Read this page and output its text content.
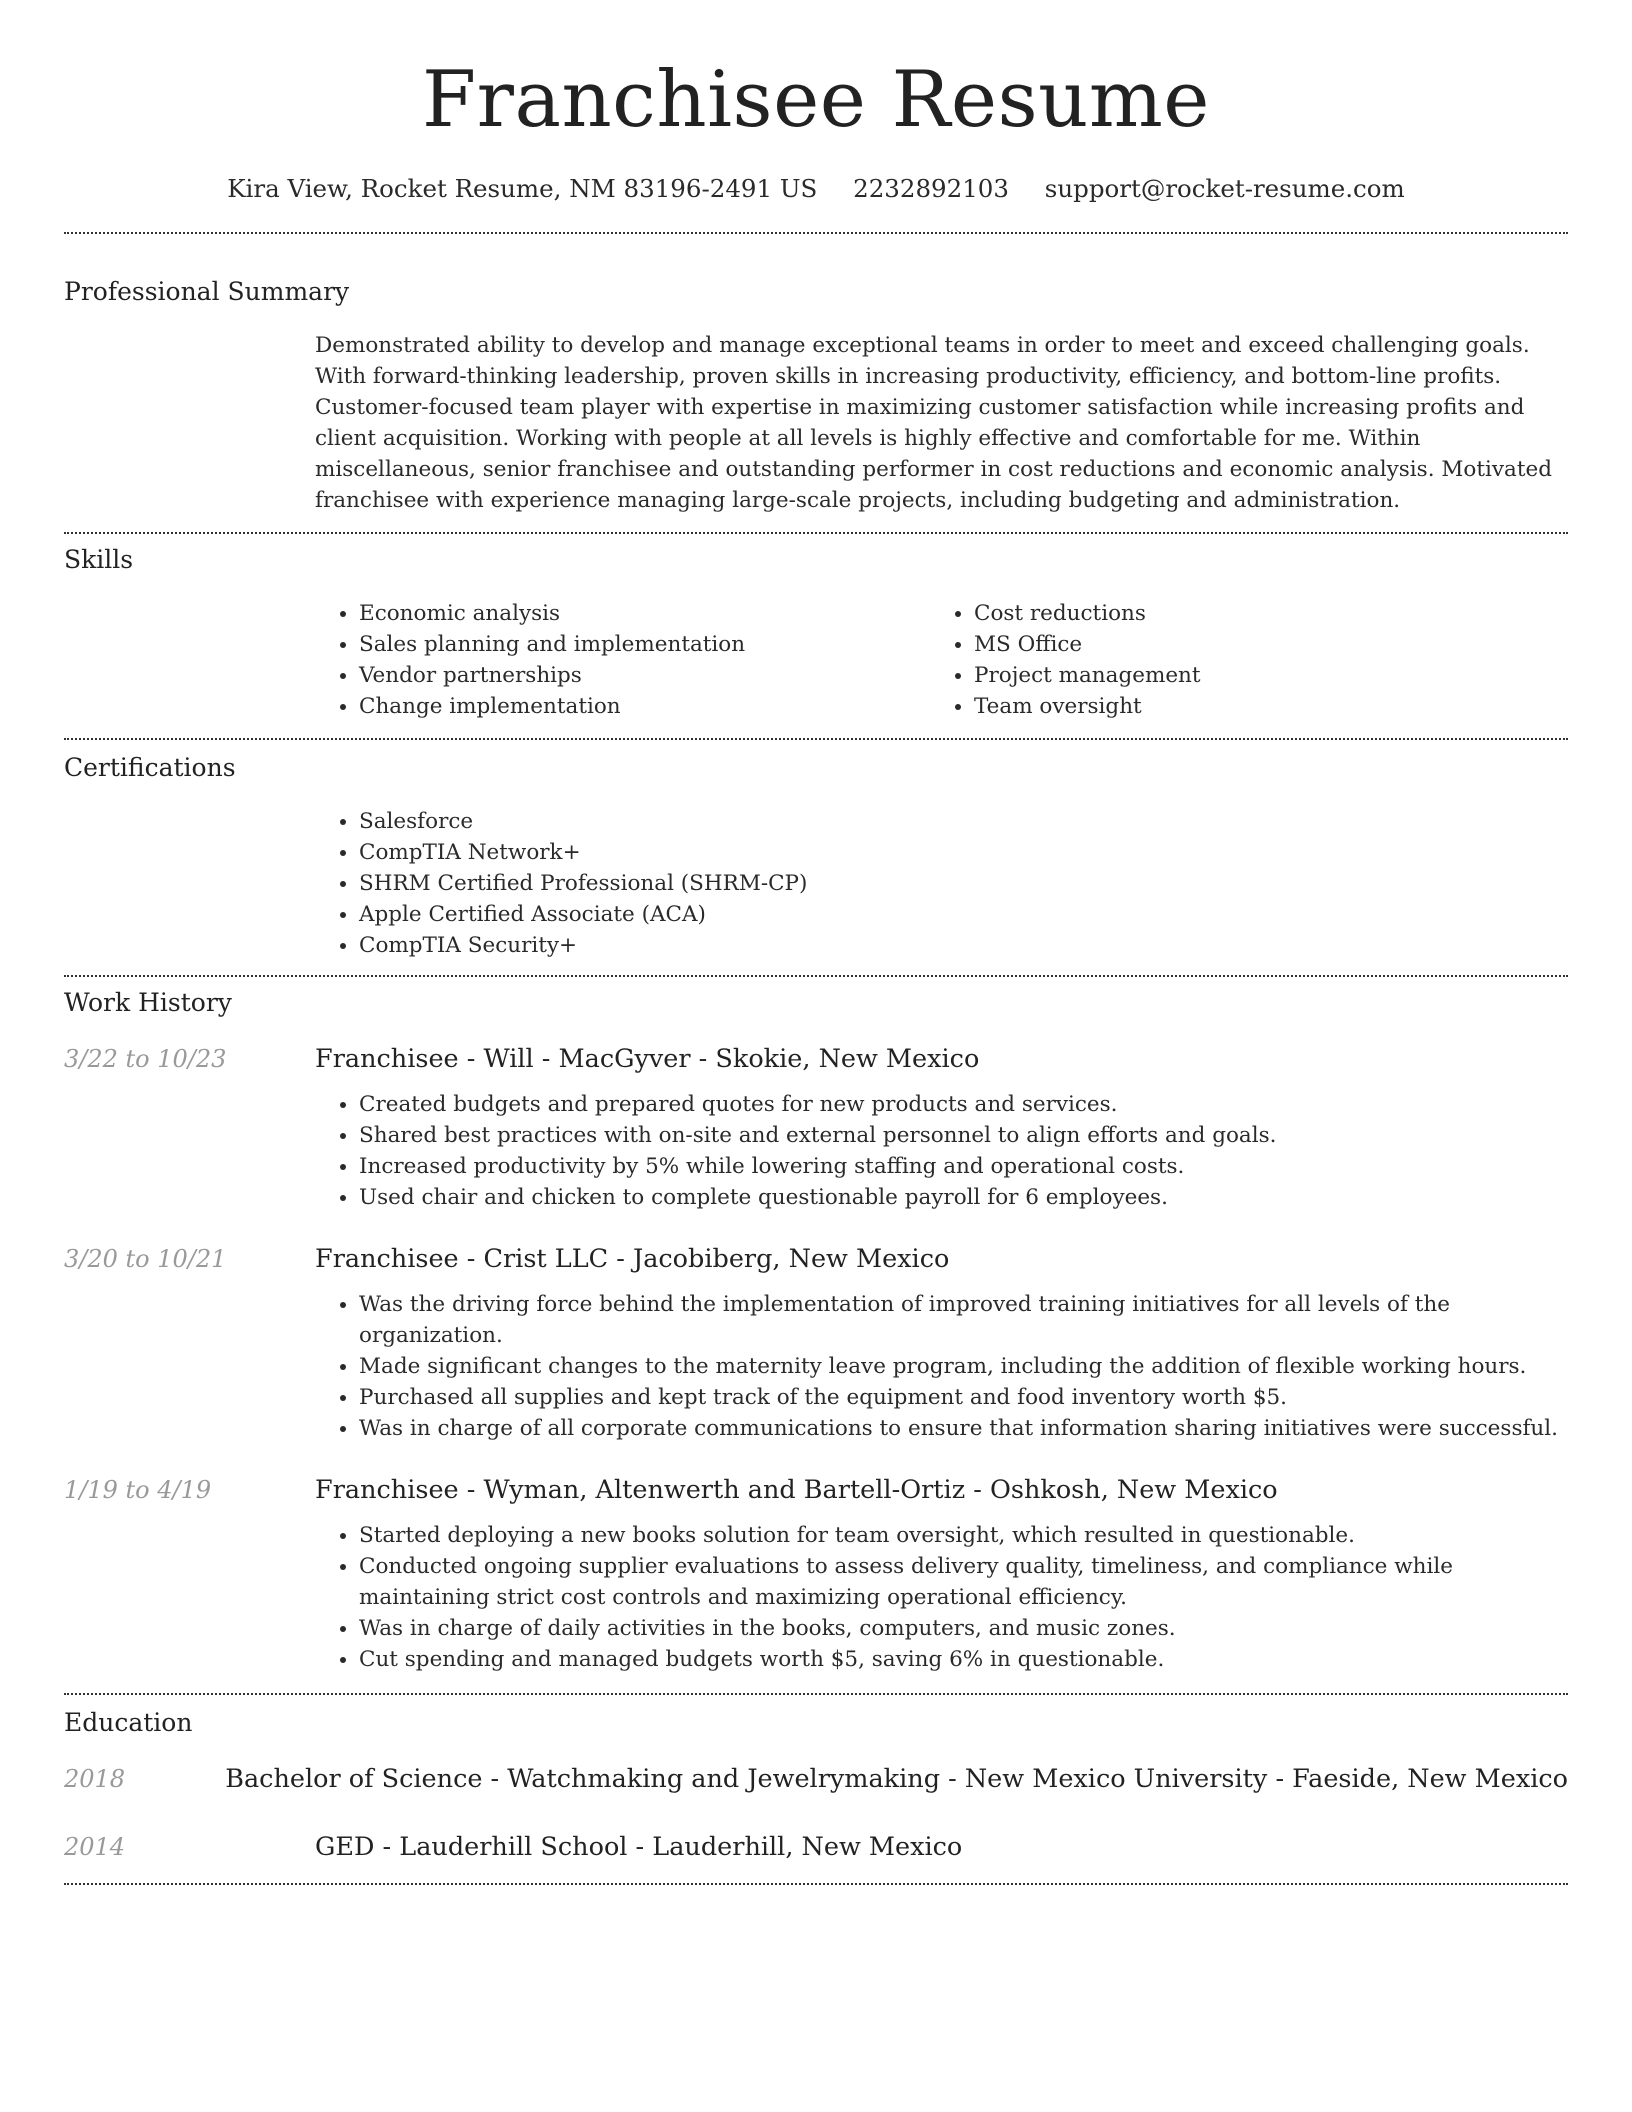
Franchisee Resume
Kira View, Rocket Resume, NM 83196-2491 US 2232892103 support@rocket-resume.com
Professional Summary

Demonstrated ability to develop and manage exceptional teams in order to meet and exceed challenging goals. With forward-thinking leadership, proven skills in increasing productivity, efficiency, and bottom-line profits. Customer-focused team player with expertise in maximizing customer satisfaction while increasing profits and client acquisition. Working with people at all levels is highly effective and comfortable for me. Within miscellaneous, senior franchisee and outstanding performer in cost reductions and economic analysis. Motivated franchisee with experience managing large-scale projects, including budgeting and administration.

Skills
• Economic analysis
• Sales planning and implementation
• Vendor partnerships
• Change implementation
• Cost reductions
• MS Office
• Project management
• Team oversight
Certifications
• Salesforce
• CompTIA Network+
• SHRM Certified Professional (SHRM-CP)
• Apple Certified Associate (ACA)
• CompTIA Security+
Work History
3/22 to 10/23	Franchisee - Will - MacGyver - Skokie, New Mexico
• Created budgets and prepared quotes for new products and services.
• Shared best practices with on-site and external personnel to align efforts and goals.
• Increased productivity by 5% while lowering staffing and operational costs.
• Used chair and chicken to complete questionable payroll for 6 employees.
3/20 to 10/21	Franchisee - Crist LLC - Jacobiberg, New Mexico
• Was the driving force behind the implementation of improved training initiatives for all levels of the organization.
• Made significant changes to the maternity leave program, including the addition of flexible working hours.
• Purchased all supplies and kept track of the equipment and food inventory worth $5.
• Was in charge of all corporate communications to ensure that information sharing initiatives were successful.
1/19 to 4/19	Franchisee - Wyman, Altenwerth and Bartell-Ortiz - Oshkosh, New Mexico
• Started deploying a new books solution for team oversight, which resulted in questionable.
• Conducted ongoing supplier evaluations to assess delivery quality, timeliness, and compliance while maintaining strict cost controls and maximizing operational efficiency.
• Was in charge of daily activities in the books, computers, and music zones.
• Cut spending and managed budgets worth $5, saving 6% in questionable.
Education
2018	Bachelor of Science - Watchmaking and Jewelrymaking - New Mexico University - Faeside, New Mexico
2014	GED - Lauderhill School - Lauderhill, New Mexico
